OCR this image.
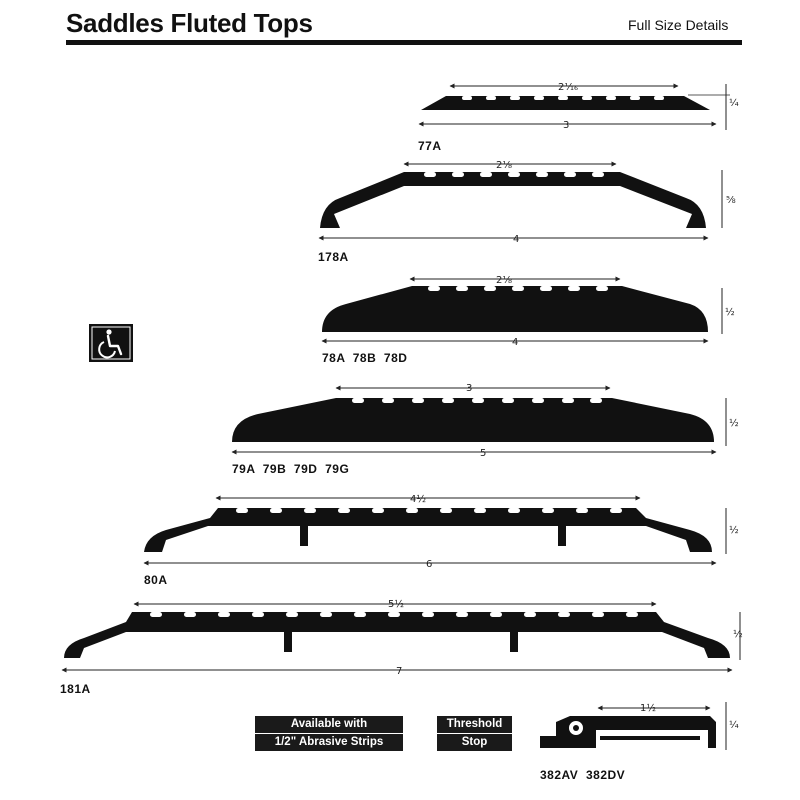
Saddles Fluted Tops	Full Size Details
2⅟₁₆
3
¼
2⅟₈
4
⅝
2⅟₈
4
½
3
5
½
4½
6
½
5½
7
½
1½
¼
77A
178A
78A  78B  78D
79A  79B  79D  79G
80A
181A
382AV  382DV
Available with
1/2" Abrasive Strips
Threshold
Stop
